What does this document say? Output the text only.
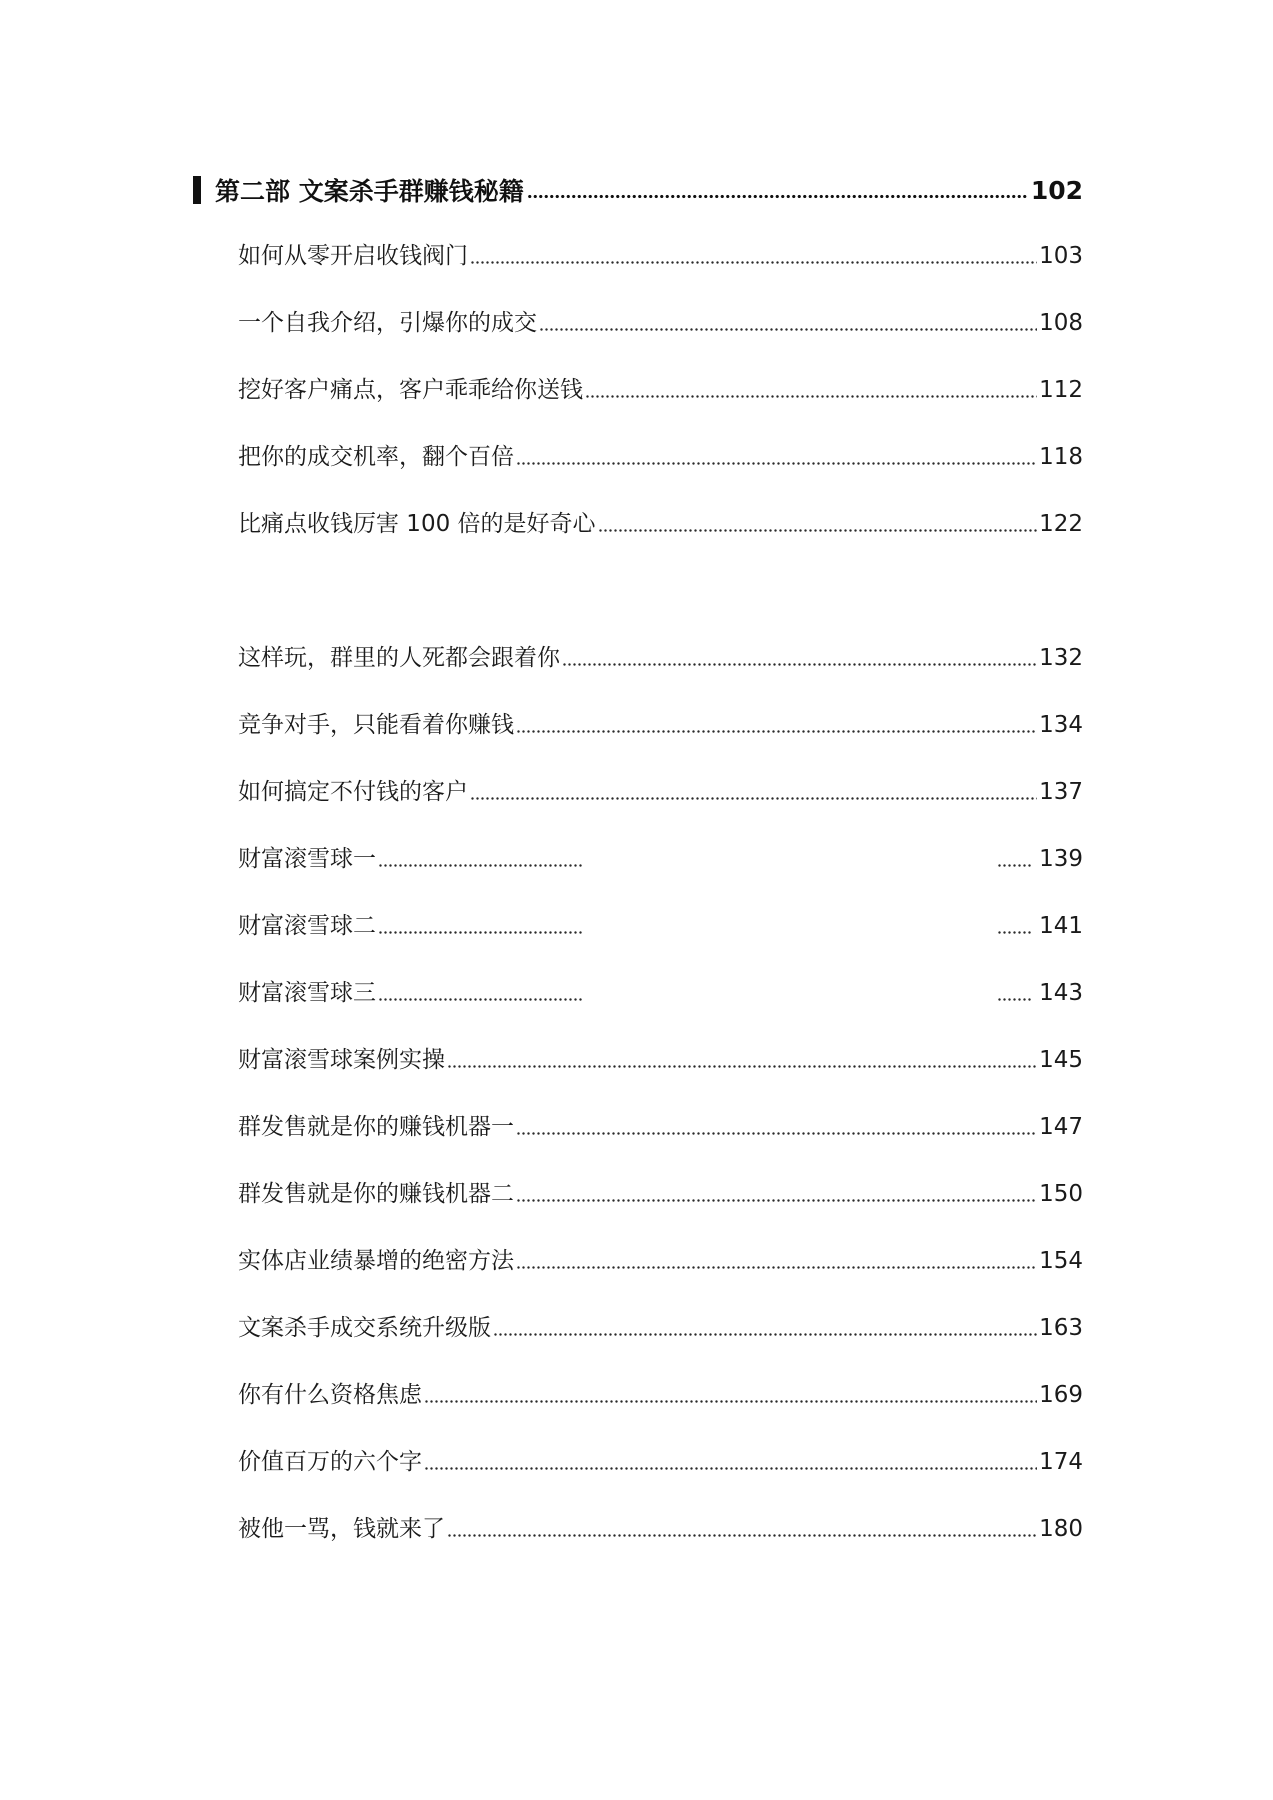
第二部 文案杀手群赚钱秘籍	102
如何从零开启收钱阀门	103
一个自我介绍，引爆你的成交	108
挖好客户痛点，客户乖乖给你送钱	112
把你的成交机率，翻个百倍	118
比痛点收钱厉害 100 倍的是好奇心	122
这样玩，群里的人死都会跟着你	132
竞争对手，只能看着你赚钱	134
如何搞定不付钱的客户	137
财富滚雪球一	139
财富滚雪球二	141
财富滚雪球三	143
财富滚雪球案例实操	145
群发售就是你的赚钱机器一	147
群发售就是你的赚钱机器二	150
实体店业绩暴增的绝密方法	154
文案杀手成交系统升级版	163
你有什么资格焦虑	169
价值百万的六个字	174
被他一骂，钱就来了	180
